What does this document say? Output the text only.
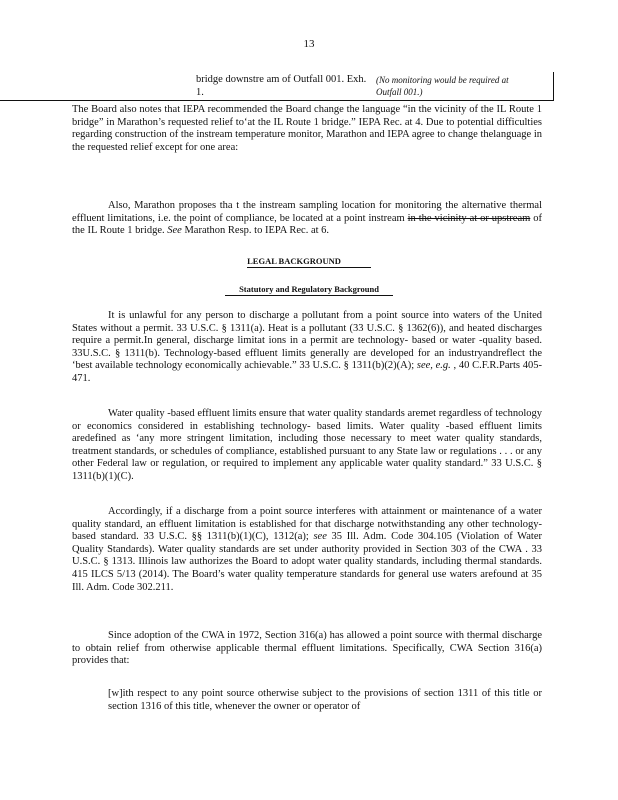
13
bridge downstre am of Outfall 001. Exh. 1.
(No monitoring would be required at Outfall 001.)

The Board also notes that IEPA recommended the Board change the language “in the vicinity of the IL Route 1 bridge” in Marathon’s requested relief to‘at the IL Route 1 bridge.” IEPA Rec. at 4. Due to potential difficulties regarding construction of the instream temperature monitor, Marathon and IEPA agree to change thelanguage in the requested relief except for one area:

Also, Marathon proposes tha t the instream sampling location for monitoring the alternative thermal effluent limitations, i.e. the point of compliance, be located at a point instream in the vicinity at or upstream of the IL Route 1 bridge. See Marathon Resp. to IEPA Rec. at 6.

LEGAL BACKGROUND
Statutory and Regulatory Background

It is unlawful for any person to discharge a pollutant from a point source into waters of the United States without a permit. 33 U.S.C. § 1311(a). Heat is a pollutant (33 U.S.C. § 1362(6)), and heated discharges require a permit.In general, discharge limitat ions in a permit are technology- based or water -quality based. 33U.S.C. § 1311(b). Technology-based effluent limits generally are developed for an industryandreflect the ‘best available technology economically achievable.” 33 U.S.C. § 1311(b)(2)(A); see, e.g. , 40 C.F.R.Parts 405-471.

Water quality -based effluent limits ensure that water quality standards aremet regardless of technology or economics considered in establishing technology- based limits. Water quality -based effluent limits aredefined as ‘any more stringent limitation, including those necessary to meet water quality standards, treatment standards, or schedules of compliance, established pursuant to any State law or regulations . . . or any other Federal law or regulation, or required to implement any applicable water quality standard.” 33 U.S.C. § 1311(b)(1)(C).

Accordingly, if a discharge from a point source interferes with attainment or maintenance of a water quality standard, an effluent limitation is established for that discharge notwithstanding any other technology-based standard. 33 U.S.C. §§ 1311(b)(1)(C), 1312(a); see 35 Ill. Adm. Code 304.105 (Violation of Water Quality Standards). Water quality standards are set under authority provided in Section 303 of the CWA . 33 U.S.C. § 1313. Illinois law authorizes the Board to adopt water quality standards, including thermal standards. 415 ILCS 5/13 (2014). The Board’s water quality temperature standards for general use waters arefound at 35 Ill. Adm. Code 302.211.

Since adoption of the CWA in 1972, Section 316(a) has allowed a point source with thermal discharge to obtain relief from otherwise applicable thermal effluent limitations. Specifically, CWA Section 316(a) provides that:

[w]ith respect to any point source otherwise subject to the provisions of section 1311 of this title or section 1316 of this title, whenever the owner or operator of
